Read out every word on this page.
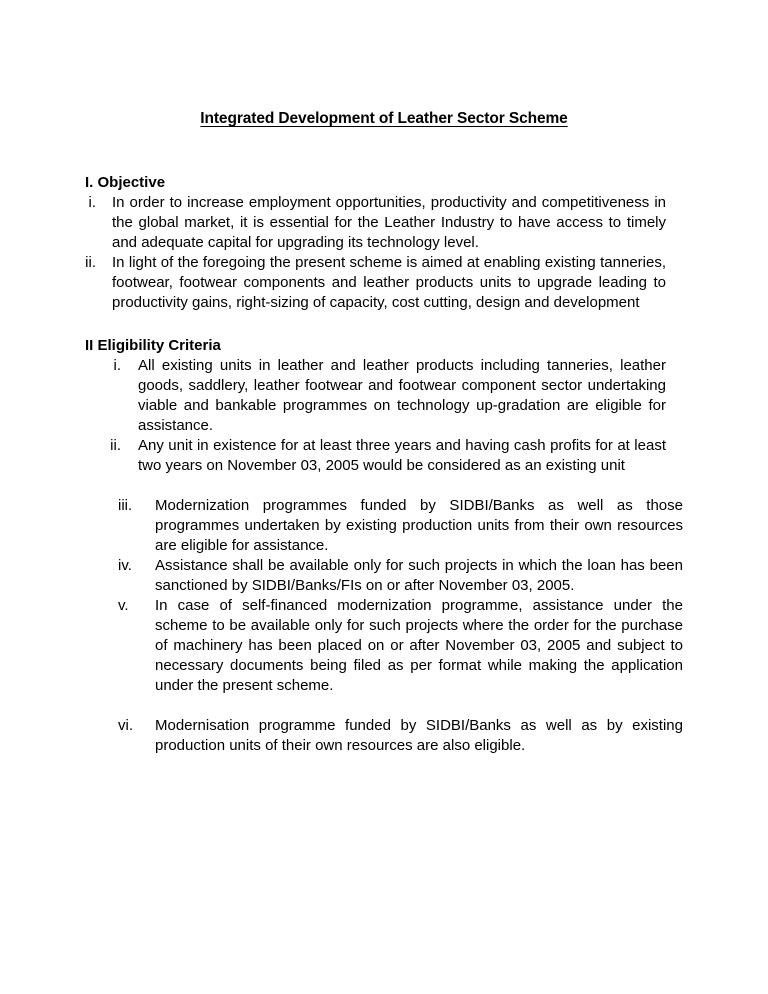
Integrated Development of Leather Sector Scheme
I. Objective
i.	In order to increase employment opportunities, productivity and competitiveness in the global market, it is essential for the Leather Industry to have access to timely and adequate capital for upgrading its technology level.
ii.	In light of the foregoing the present scheme is aimed at enabling existing tanneries, footwear, footwear components and leather products units to upgrade leading to productivity gains, right-sizing of capacity, cost cutting, design and development
II Eligibility Criteria
i.	All existing units in leather and leather products including tanneries, leather goods, saddlery, leather footwear and footwear component sector undertaking viable and bankable programmes on technology up-gradation are eligible for assistance.
ii.	Any unit in existence for at least three years and having cash profits for at least two years on November 03, 2005 would be considered as an existing unit
iii.	Modernization programmes funded by SIDBI/Banks as well as those programmes undertaken by existing production units from their own resources are eligible for assistance.
iv.	Assistance shall be available only for such projects in which the loan has been sanctioned by SIDBI/Banks/FIs on or after November 03, 2005.
v.	In case of self-financed modernization programme, assistance under the scheme to be available only for such projects where the order for the purchase of machinery has been placed on or after November 03, 2005 and subject to necessary documents being filed as per format while making the application under the present scheme.
vi.	Modernisation programme funded by SIDBI/Banks as well as by existing production units of their own resources are also eligible.
